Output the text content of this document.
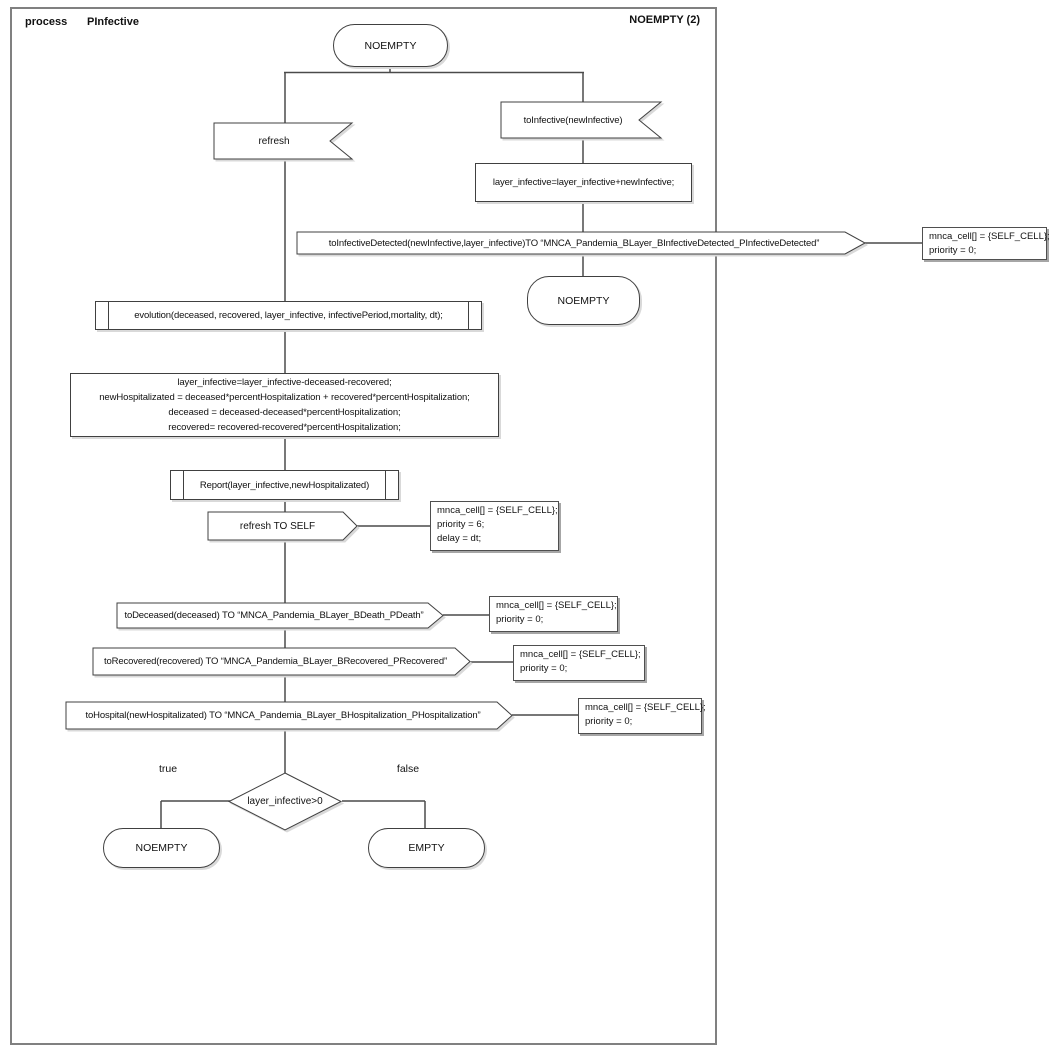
process PInfective	NOEMPTY (2)
NOEMPTY
refresh
toInfective(newInfective)
layer_infective=layer_infective+newInfective;
toInfectiveDetected(newInfective,layer_infective)TO “MNCA_Pandemia_BLayer_BInfectiveDetected_PInfectiveDetected”
mnca_cell[] = {SELF_CELL};
priority = 0;
NOEMPTY
evolution(deceased, recovered, layer_infective, infectivePeriod,mortality, dt);
layer_infective=layer_infective-deceased-recovered;
newHospitalizated = deceased*percentHospitalization + recovered*percentHospitalization;
deceased = deceased-deceased*percentHospitalization;
recovered= recovered-recovered*percentHospitalization;
Report(layer_infective,newHospitalizated)
refresh TO SELF
mnca_cell[] = {SELF_CELL};
priority = 6;
delay = dt;
toDeceased(deceased) TO “MNCA_Pandemia_BLayer_BDeath_PDeath”
mnca_cell[] = {SELF_CELL};
priority = 0;
toRecovered(recovered) TO “MNCA_Pandemia_BLayer_BRecovered_PRecovered”
mnca_cell[] = {SELF_CELL};
priority = 0;
toHospital(newHospitalizated) TO “MNCA_Pandemia_BLayer_BHospitalization_PHospitalization”
mnca_cell[] = {SELF_CELL};
priority = 0;
true	false
layer_infective>0
NOEMPTY	EMPTY
